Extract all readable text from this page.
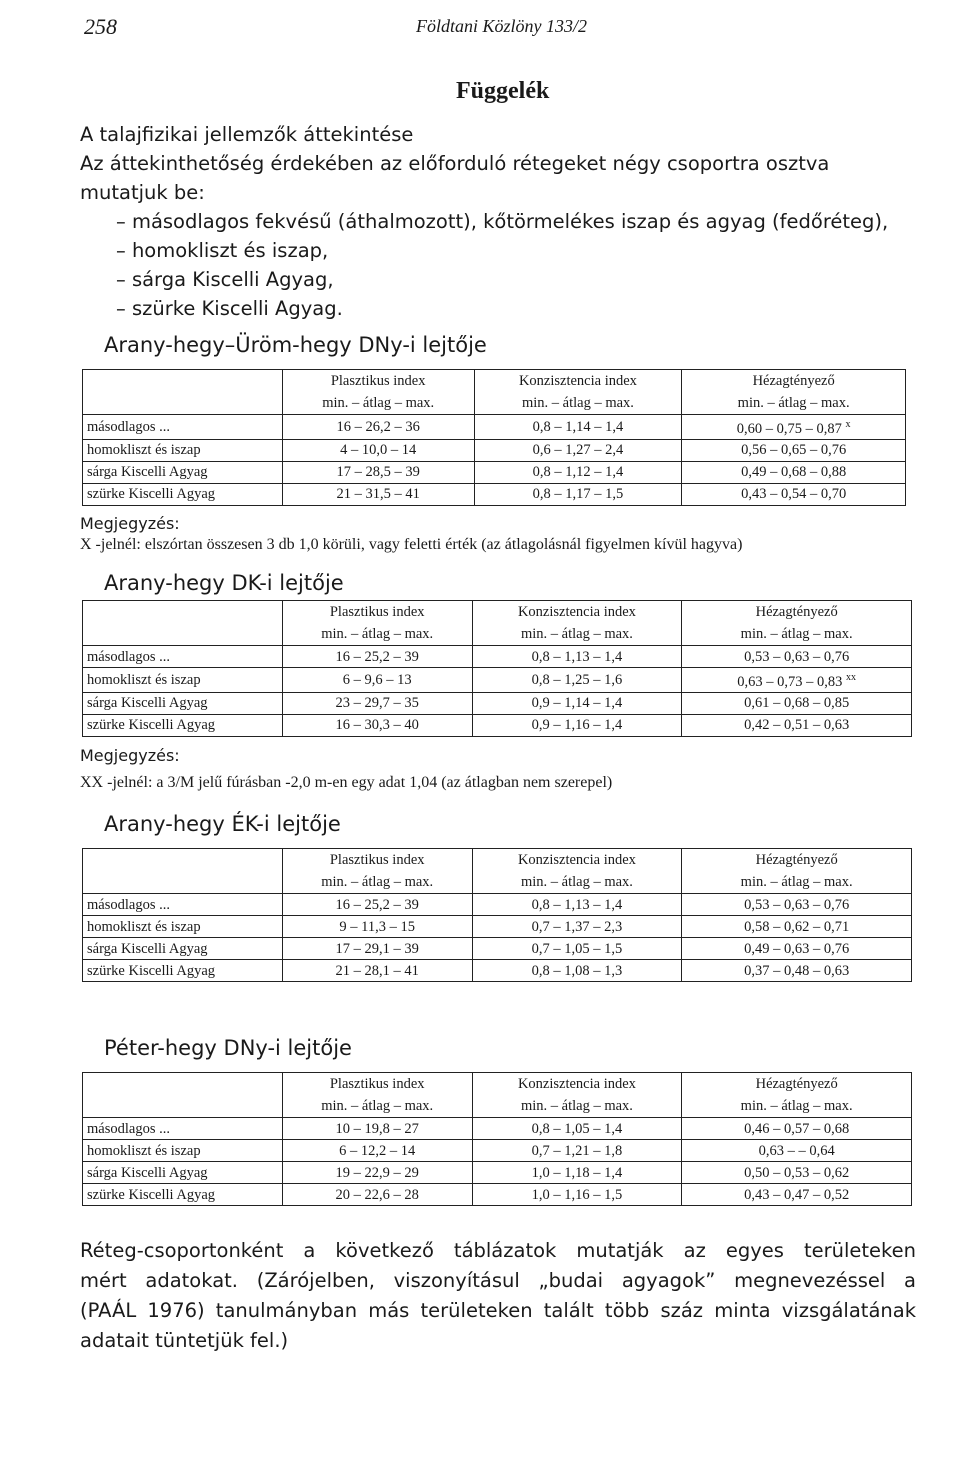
258	Földtani Közlöny 133/2
Függelék
A talajfizikai jellemzők áttekintése
Az áttekinthetőség érdekében az előforduló rétegeket négy csoportra osztva
mutatjuk be:
– másodlagos fekvésű (áthalmozott), kőtörmelékes iszap és agyag (fedőréteg),
– homokliszt és iszap,
– sárga Kiscelli Agyag,
– szürke Kiscelli Agyag.
Arany-hegy–Üröm-hegy DNy-i lejtője
	Plasztikus index	Konzisztencia index	Hézagtényező
	min. – átlag – max.	min. – átlag – max.	min. – átlag – max.
másodlagos ...	16 – 26,2 – 36	0,8 – 1,14 – 1,4	0,60 – 0,75 – 0,87 $^x$
homokliszt és iszap	4 – 10,0 – 14	0,6 – 1,27 – 2,4	0,56 – 0,65 – 0,76
sárga Kiscelli Agyag	17 – 28,5 – 39	0,8 – 1,12 – 1,4	0,49 – 0,68 – 0,88
szürke Kiscelli Agyag	21 – 31,5 – 41	0,8 – 1,17 – 1,5	0,43 – 0,54 – 0,70
Megjegyzés:
X -jelnél: elszórtan összesen 3 db 1,0 körüli, vagy feletti érték (az átlagolásnál figyelmen kívül hagyva)
Arany-hegy DK-i lejtője
	Plasztikus index	Konzisztencia index	Hézagtényező
	min. – átlag – max.	min. – átlag – max.	min. – átlag – max.
másodlagos ...	16 – 25,2 – 39	0,8 – 1,13 – 1,4	0,53 – 0,63 – 0,76
homokliszt és iszap	6 – 9,6 – 13	0,8 – 1,25 – 1,6	0,63 – 0,73 – 0,83 $^{xx}$
sárga Kiscelli Agyag	23 – 29,7 – 35	0,9 – 1,14 – 1,4	0,61 – 0,68 – 0,85
szürke Kiscelli Agyag	16 – 30,3 – 40	0,9 – 1,16 – 1,4	0,42 – 0,51 – 0,63
Megjegyzés:
XX -jelnél: a 3/M jelű fúrásban -2,0 m-en egy adat 1,04 (az átlagban nem szerepel)
Arany-hegy ÉK-i lejtője
	Plasztikus index	Konzisztencia index	Hézagtényező
	min. – átlag – max.	min. – átlag – max.	min. – átlag – max.
másodlagos ...	16 – 25,2 – 39	0,8 – 1,13 – 1,4	0,53 – 0,63 – 0,76
homokliszt és iszap	9 – 11,3 – 15	0,7 – 1,37 – 2,3	0,58 – 0,62 – 0,71
sárga Kiscelli Agyag	17 – 29,1 – 39	0,7 – 1,05 – 1,5	0,49 – 0,63 – 0,76
szürke Kiscelli Agyag	21 – 28,1 – 41	0,8 – 1,08 – 1,3	0,37 – 0,48 – 0,63
Péter-hegy DNy-i lejtője
	Plasztikus index	Konzisztencia index	Hézagtényező
	min. – átlag – max.	min. – átlag – max.	min. – átlag – max.
másodlagos ...	10 – 19,8 – 27	0,8 – 1,05 – 1,4	0,46 – 0,57 – 0,68
homokliszt és iszap	6 – 12,2 – 14	0,7 – 1,21 – 1,8	0,63 – – 0,64
sárga Kiscelli Agyag	19 – 22,9 – 29	1,0 – 1,18 – 1,4	0,50 – 0,53 – 0,62
szürke Kiscelli Agyag	20 – 22,6 – 28	1,0 – 1,16 – 1,5	0,43 – 0,47 – 0,52
Réteg-csoportonként a következő táblázatok mutatják az egyes területeken
mért adatokat. (Zárójelben, viszonyításul „budai agyagok” megnevezéssel a
(PAÁL 1976) tanulmányban más területeken talált több száz minta vizsgálatának
adatait tüntetjük fel.)
